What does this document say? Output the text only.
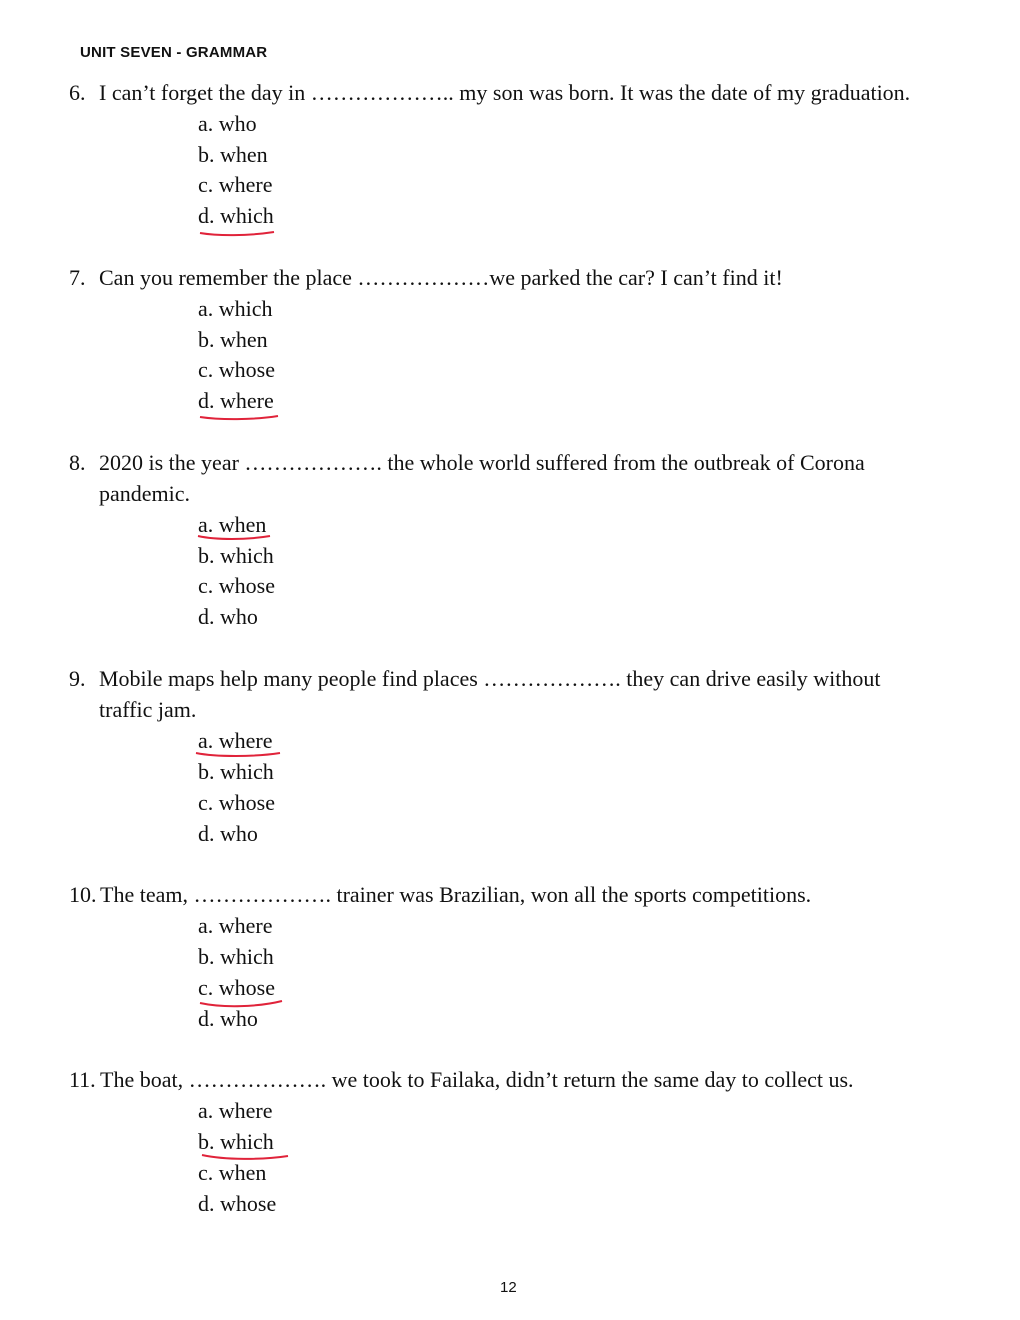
UNIT SEVEN - GRAMMAR
6. I can’t forget the day in ……………….. my son was born. It was the date of my graduation.
a. who
b. when
c. where
d. which
7. Can you remember the place ………………we parked the car? I can’t find it!
a. which
b. when
c. whose
d. where
8. 2020 is the year ………………. the whole world suffered from the outbreak of Corona
pandemic.
a. when
b. which
c. whose
d. who
9. Mobile maps help many people find places ………………. they can drive easily without
traffic jam.
a. where
b. which
c. whose
d. who
10. The team, ………………. trainer was Brazilian, won all the sports competitions.
a. where
b. which
c. whose
d. who
11. The boat, ………………. we took to Failaka, didn’t return the same day to collect us.
a. where
b. which
c. when
d. whose
12
